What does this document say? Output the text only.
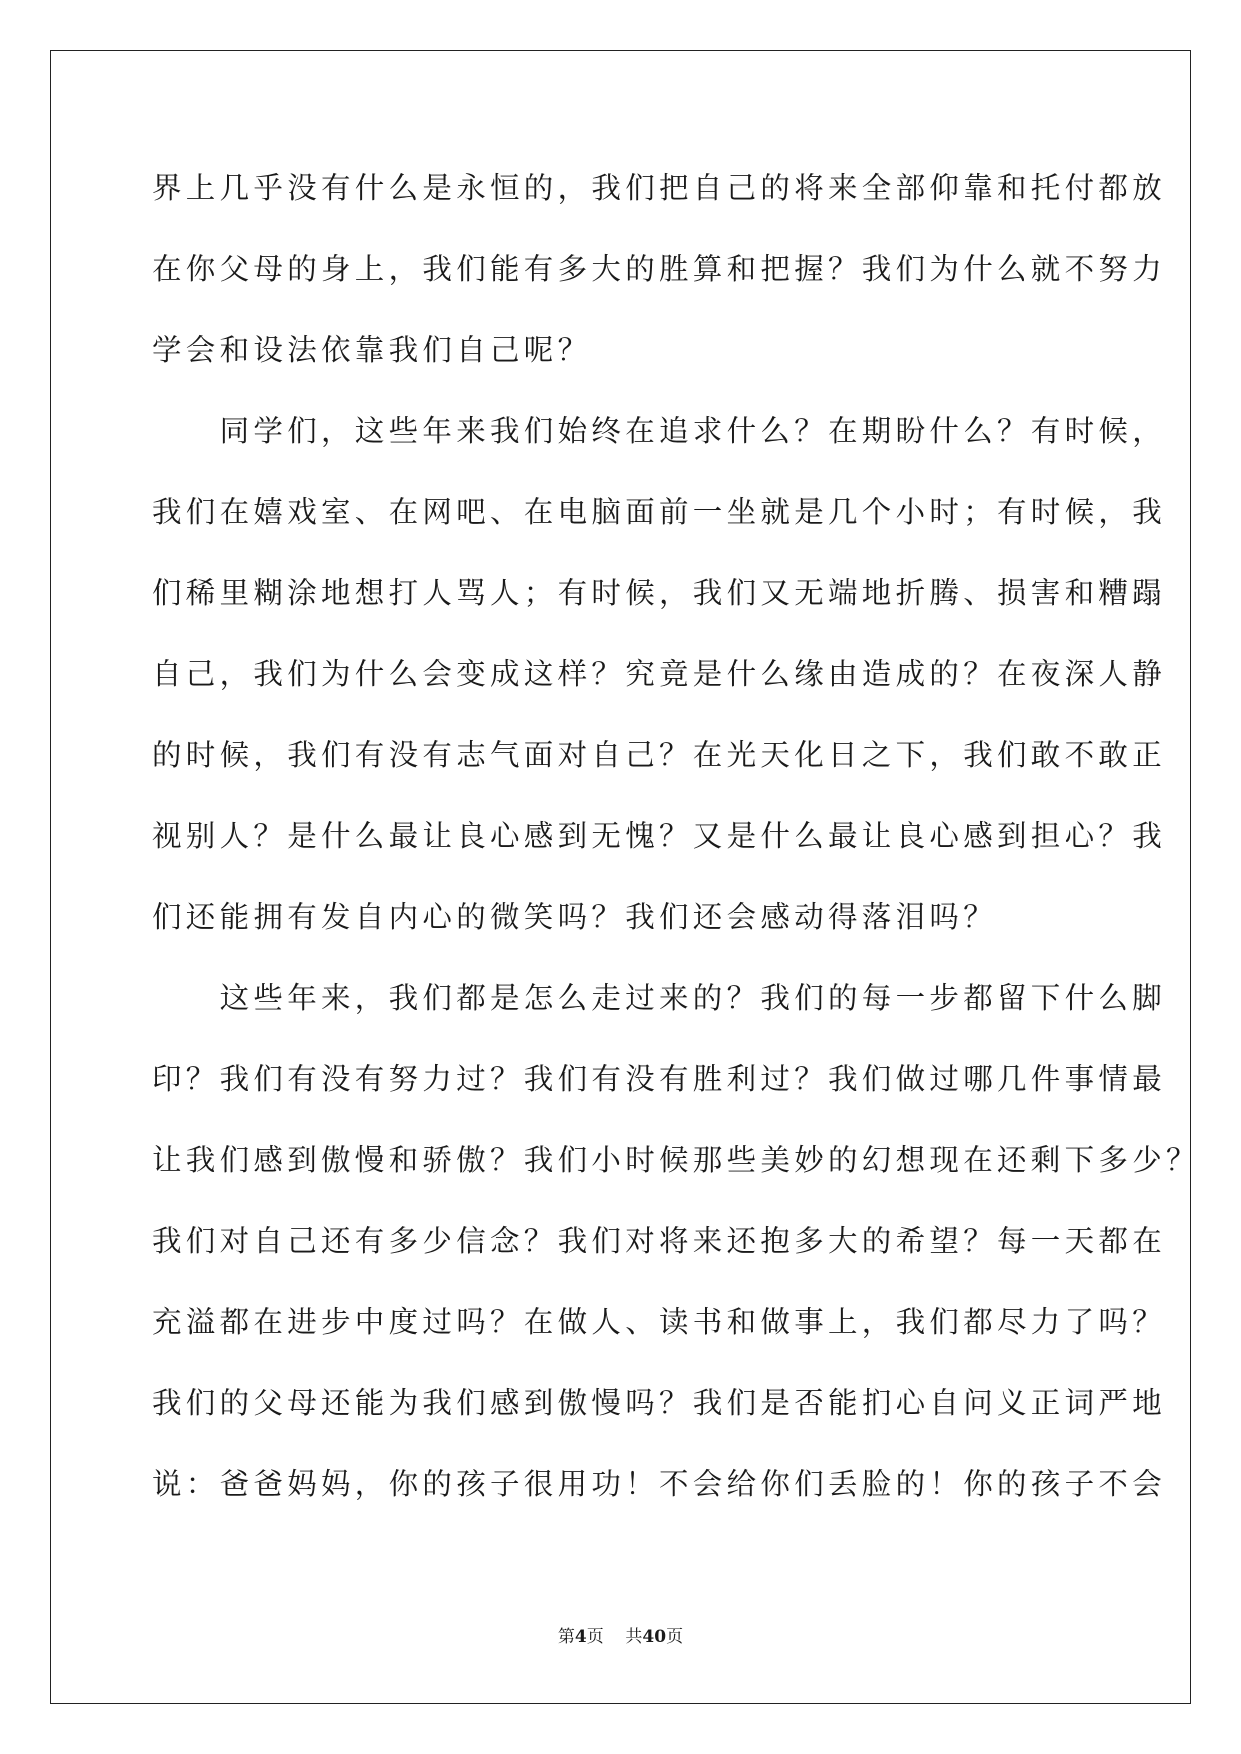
界上几乎没有什么是永恒的，我们把自己的将来全部仰靠和托付都放
在你父母的身上，我们能有多大的胜算和把握？我们为什么就不努力
学会和设法依靠我们自己呢？
　　同学们，这些年来我们始终在追求什么？在期盼什么？有时候，
我们在嬉戏室、在网吧、在电脑面前一坐就是几个小时；有时候，我
们稀里糊涂地想打人骂人；有时候，我们又无端地折腾、损害和糟蹋
自己，我们为什么会变成这样？究竟是什么缘由造成的？在夜深人静
的时候，我们有没有志气面对自己？在光天化日之下，我们敢不敢正
视别人？是什么最让良心感到无愧？又是什么最让良心感到担心？我
们还能拥有发自内心的微笑吗？我们还会感动得落泪吗？
　　这些年来，我们都是怎么走过来的？我们的每一步都留下什么脚
印？我们有没有努力过？我们有没有胜利过？我们做过哪几件事情最
让我们感到傲慢和骄傲？我们小时候那些美妙的幻想现在还剩下多少？
我们对自己还有多少信念？我们对将来还抱多大的希望？每一天都在
充溢都在进步中度过吗？在做人、读书和做事上，我们都尽力了吗？
我们的父母还能为我们感到傲慢吗？我们是否能扪心自问义正词严地
说：爸爸妈妈，你的孩子很用功！不会给你们丢脸的！你的孩子不会
第4页 共40页
